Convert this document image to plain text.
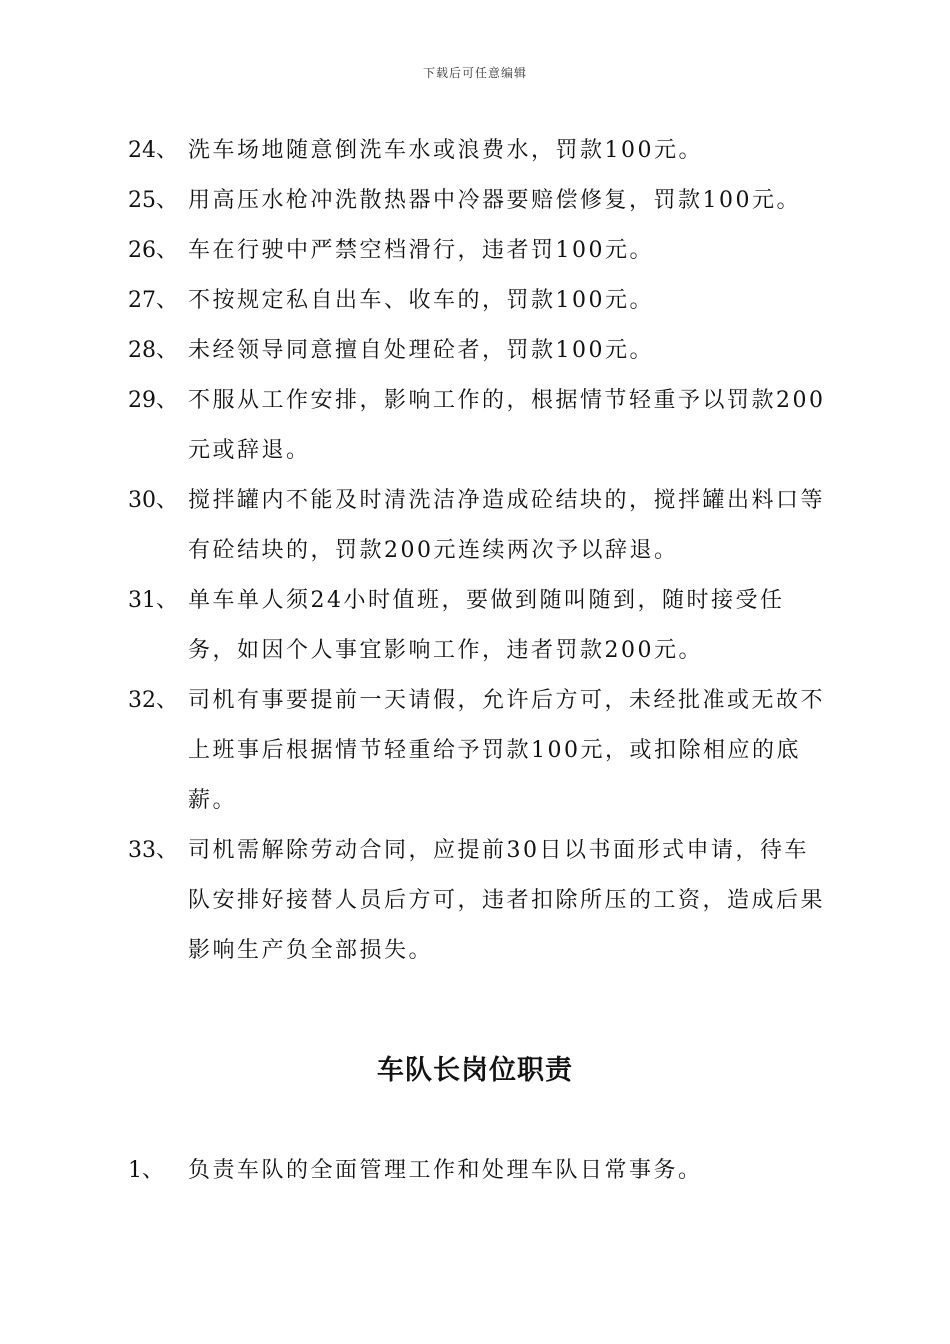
下载后可任意编辑
24、 洗车场地随意倒洗车水或浪费水，罚款100元。
25、 用高压水枪冲洗散热器中冷器要赔偿修复，罚款100元。
26、 车在行驶中严禁空档滑行，违者罚100元。
27、 不按规定私自出车、收车的，罚款100元。
28、 未经领导同意擅自处理砼者，罚款100元。
29、 不服从工作安排，影响工作的，根据情节轻重予以罚款200元或辞退。
30、 搅拌罐内不能及时清洗洁净造成砼结块的，搅拌罐出料口等有砼结块的，罚款200元连续两次予以辞退。
31、 单车单人须24小时值班，要做到随叫随到，随时接受任务，如因个人事宜影响工作，违者罚款200元。
32、 司机有事要提前一天请假，允许后方可，未经批准或无故不上班事后根据情节轻重给予罚款100元，或扣除相应的底薪。
33、 司机需解除劳动合同，应提前30日以书面形式申请，待车队安排好接替人员后方可，违者扣除所压的工资，造成后果影响生产负全部损失。
车队长岗位职责
1、	负责车队的全面管理工作和处理车队日常事务。
